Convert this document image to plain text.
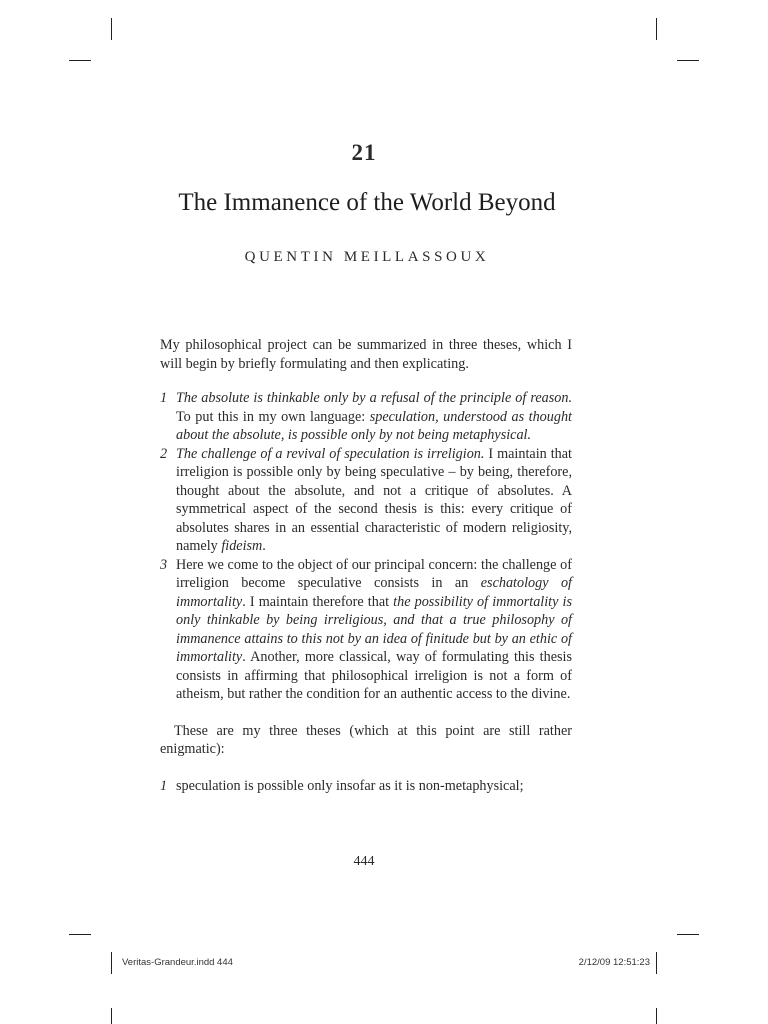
21
The Immanence of the World Beyond
QUENTIN MEILLASSOUX

My philosophical project can be summarized in three theses, which I will begin by briefly formulating and then explicating.

1 The absolute is thinkable only by a refusal of the principle of reason. To put this in my own language: speculation, understood as thought about the absolute, is possible only by not being metaphysical.
2 The challenge of a revival of speculation is irreligion. I maintain that irreligion is possible only by being speculative – by being, therefore, thought about the absolute, and not a critique of absolutes. A symmetrical aspect of the second thesis is this: every critique of absolutes shares in an essential characteristic of modern religiosity, namely fideism.
3 Here we come to the object of our principal concern: the challenge of irreligion become speculative consists in an eschatology of immortality. I maintain therefore that the possibility of immortality is only thinkable by being irreligious, and that a true philosophy of immanence attains to this not by an idea of finitude but by an ethic of immortality. Another, more classical, way of formulating this thesis consists in affirming that philosophical irreligion is not a form of atheism, but rather the condition for an authentic access to the divine.

These are my three theses (which at this point are still rather enigmatic):

1 speculation is possible only insofar as it is non-metaphysical;
444
Veritas-Grandeur.indd 444	2/12/09 12:51:23
